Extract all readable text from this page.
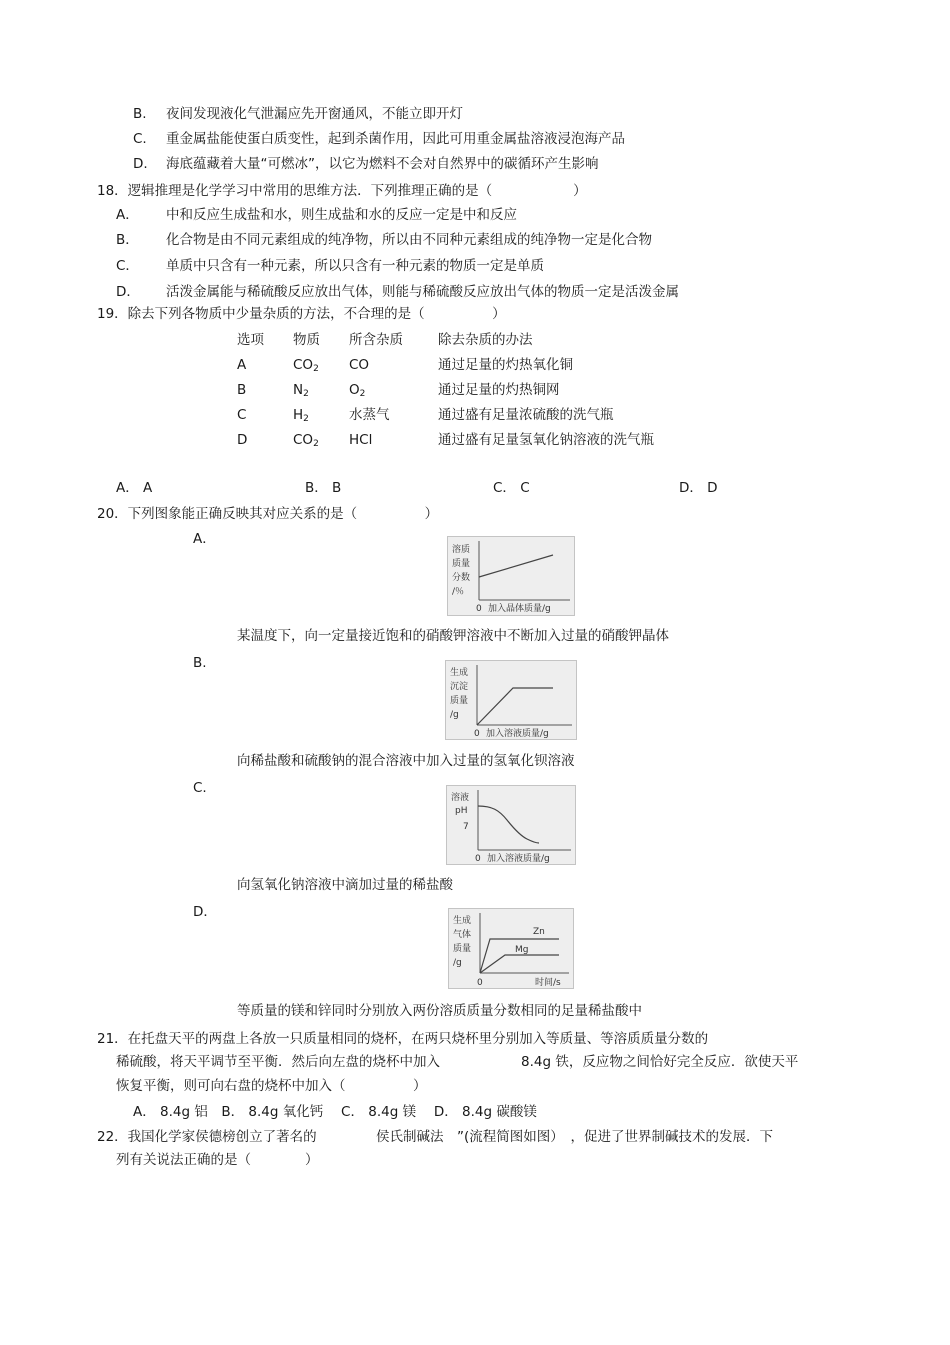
B. 夜间发现液化气泄漏应先开窗通风，不能立即开灯
C. 重金属盐能使蛋白质变性，起到杀菌作用，因此可用重金属盐溶液浸泡海产品
D. 海底蕴藏着大量“可燃冰”，以它为燃料不会对自然界中的碳循环产生影响
18．逻辑推理是化学学习中常用的思维方法．下列推理正确的是（　　　　　　）
A． 中和反应生成盐和水，则生成盐和水的反应一定是中和反应
B． 化合物是由不同元素组成的纯净物，所以由不同种元素组成的纯净物一定是化合物
C． 单质中只含有一种元素，所以只含有一种元素的物质一定是单质
D． 活泼金属能与稀硫酸反应放出气体，则能与稀硫酸反应放出气体的物质一定是活泼金属
19．除去下列各物质中少量杂质的方法，不合理的是（　　　　　）
选项 物质 所含杂质	除去杂质的办法
A	$CO_2$ CO	通过足量的灼热氧化铜
B	$N_2$	$O_2$	通过足量的灼热铜网
C	$H_2$	水蒸气	通过盛有足量浓硫酸的洗气瓶
D	$CO_2$ HCl	通过盛有足量氢氧化钠溶液的洗气瓶
A． A	B． B	C． C	D． D
20．下列图象能正确反映其对应关系的是（　　　　　）
A．
溶质
质量
分数
/％
0 加入晶体质量/g
某温度下，向一定量接近饱和的硝酸钾溶液中不断加入过量的硝酸钾晶体
B.
生成
沉淀
质量
/g
0 加入溶液质量/g
向稀盐酸和硫酸钠的混合溶液中加入过量的氢氧化钡溶液
C.
溶液
pH
7
0 加入溶液质量/g
向氢氧化钠溶液中滴加过量的稀盐酸
D．
生成
气体
质量
/g
Zn
Mg
0	时间/s
等质量的镁和锌同时分别放入两份溶质质量分数相同的足量稀盐酸中
21．在托盘天平的两盘上各放一只质量相同的烧杯，在两只烧杯里分别加入等质量、等溶质质量分数的
稀硫酸，将天平调节至平衡．然后向左盘的烧杯中加入	8.4g 铁，反应物之间恰好完全反应．欲使天平
恢复平衡，则可向右盘的烧杯中加入（　　　　　）
A． 8.4g 铝　B． 8.4g 氧化钙　 C． 8.4g 镁　 D． 8.4g 碳酸镁
22．我国化学家侯德榜创立了著名的	侯氏制碱法　”(流程简图如图）　，促进了世界制碱技术的发展．下
列有关说法正确的是（　　　　）
